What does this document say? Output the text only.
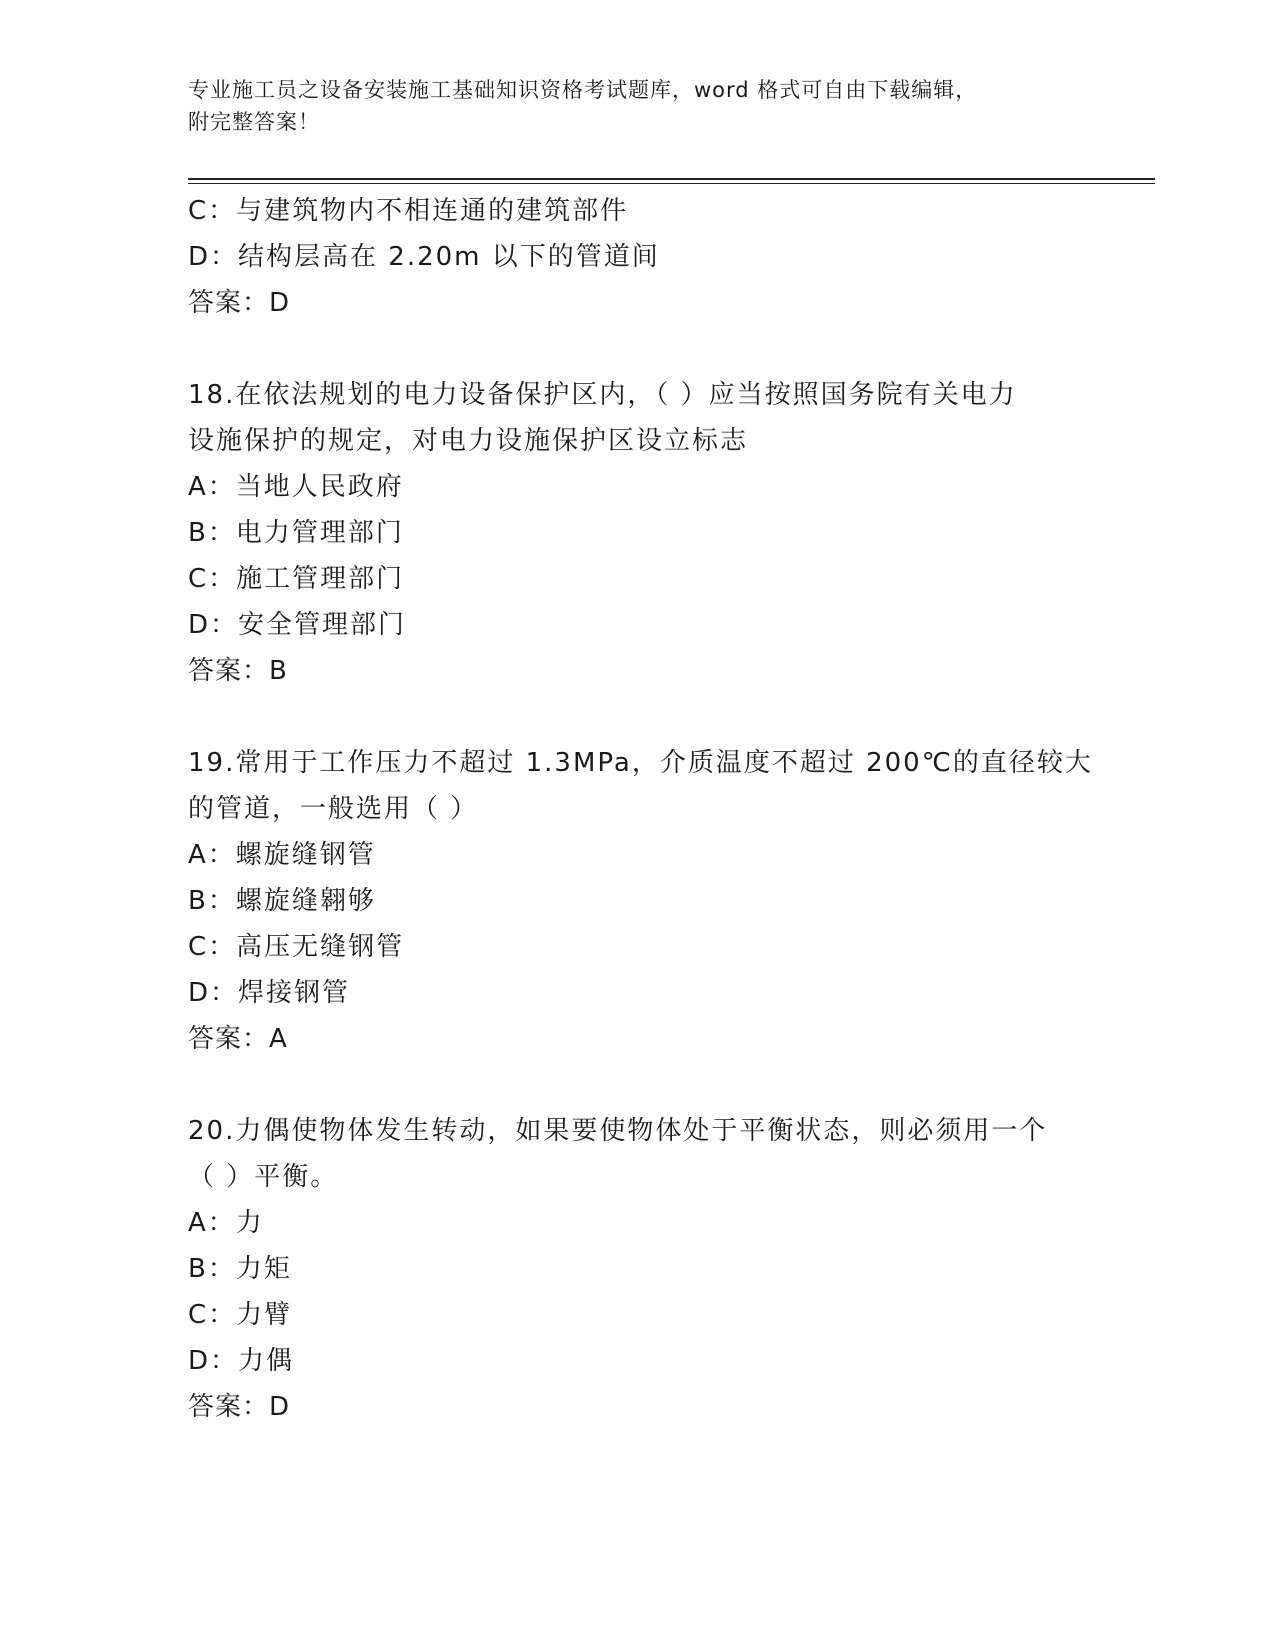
专业施工员之设备安装施工基础知识资格考试题库，word 格式可自由下载编辑，
附完整答案！
C：与建筑物内不相连通的建筑部件
D：结构层高在 2.20m 以下的管道间
答案：D
18.在依法规划的电力设备保护区内，（ ）应当按照国务院有关电力
设施保护的规定，对电力设施保护区设立标志
A：当地人民政府
B：电力管理部门
C：施工管理部门
D：安全管理部门
答案：B
19.常用于工作压力不超过 1.3MPa，介质温度不超过 200℃的直径较大
的管道，一般选用（ ）
A：螺旋缝钢管
B：螺旋缝翱够
C：高压无缝钢管
D：焊接钢管
答案：A
20.力偶使物体发生转动，如果要使物体处于平衡状态，则必须用一个
（ ）平衡。
A：力
B：力矩
C：力臂
D：力偶
答案：D
